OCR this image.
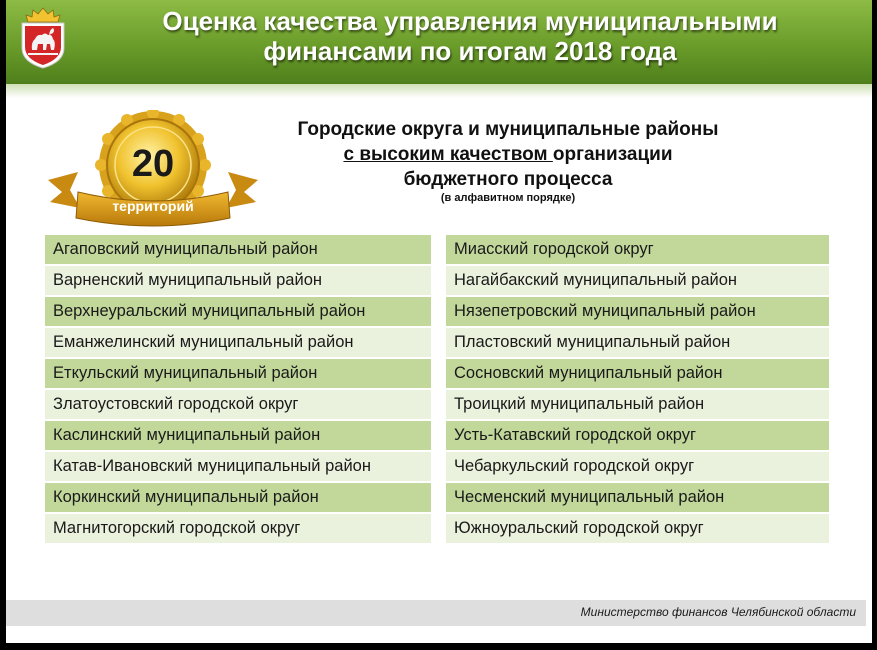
Оценка качества управления муниципальными
финансами по итогам 2018 года
20
территорий
Городские округа и муниципальные районы
с высоким качеством организации
бюджетного процесса
(в алфавитном порядке)
Агаповский муниципальный район
Варненский муниципальный район
Верхнеуральский муниципальный район
Еманжелинский муниципальный район
Еткульский муниципальный район
Златоустовский городской округ
Каслинский муниципальный район
Катав-Ивановский муниципальный район
Коркинский муниципальный район
Магнитогорский городской округ
Миасский городской округ
Нагайбакский муниципальный район
Нязепетровский муниципальный район
Пластовский муниципальный район
Сосновский муниципальный район
Троицкий муниципальный район
Усть-Катавский городской округ
Чебаркульский городской округ
Чесменский муниципальный район
Южноуральский городской округ
Министерство финансов Челябинской области
